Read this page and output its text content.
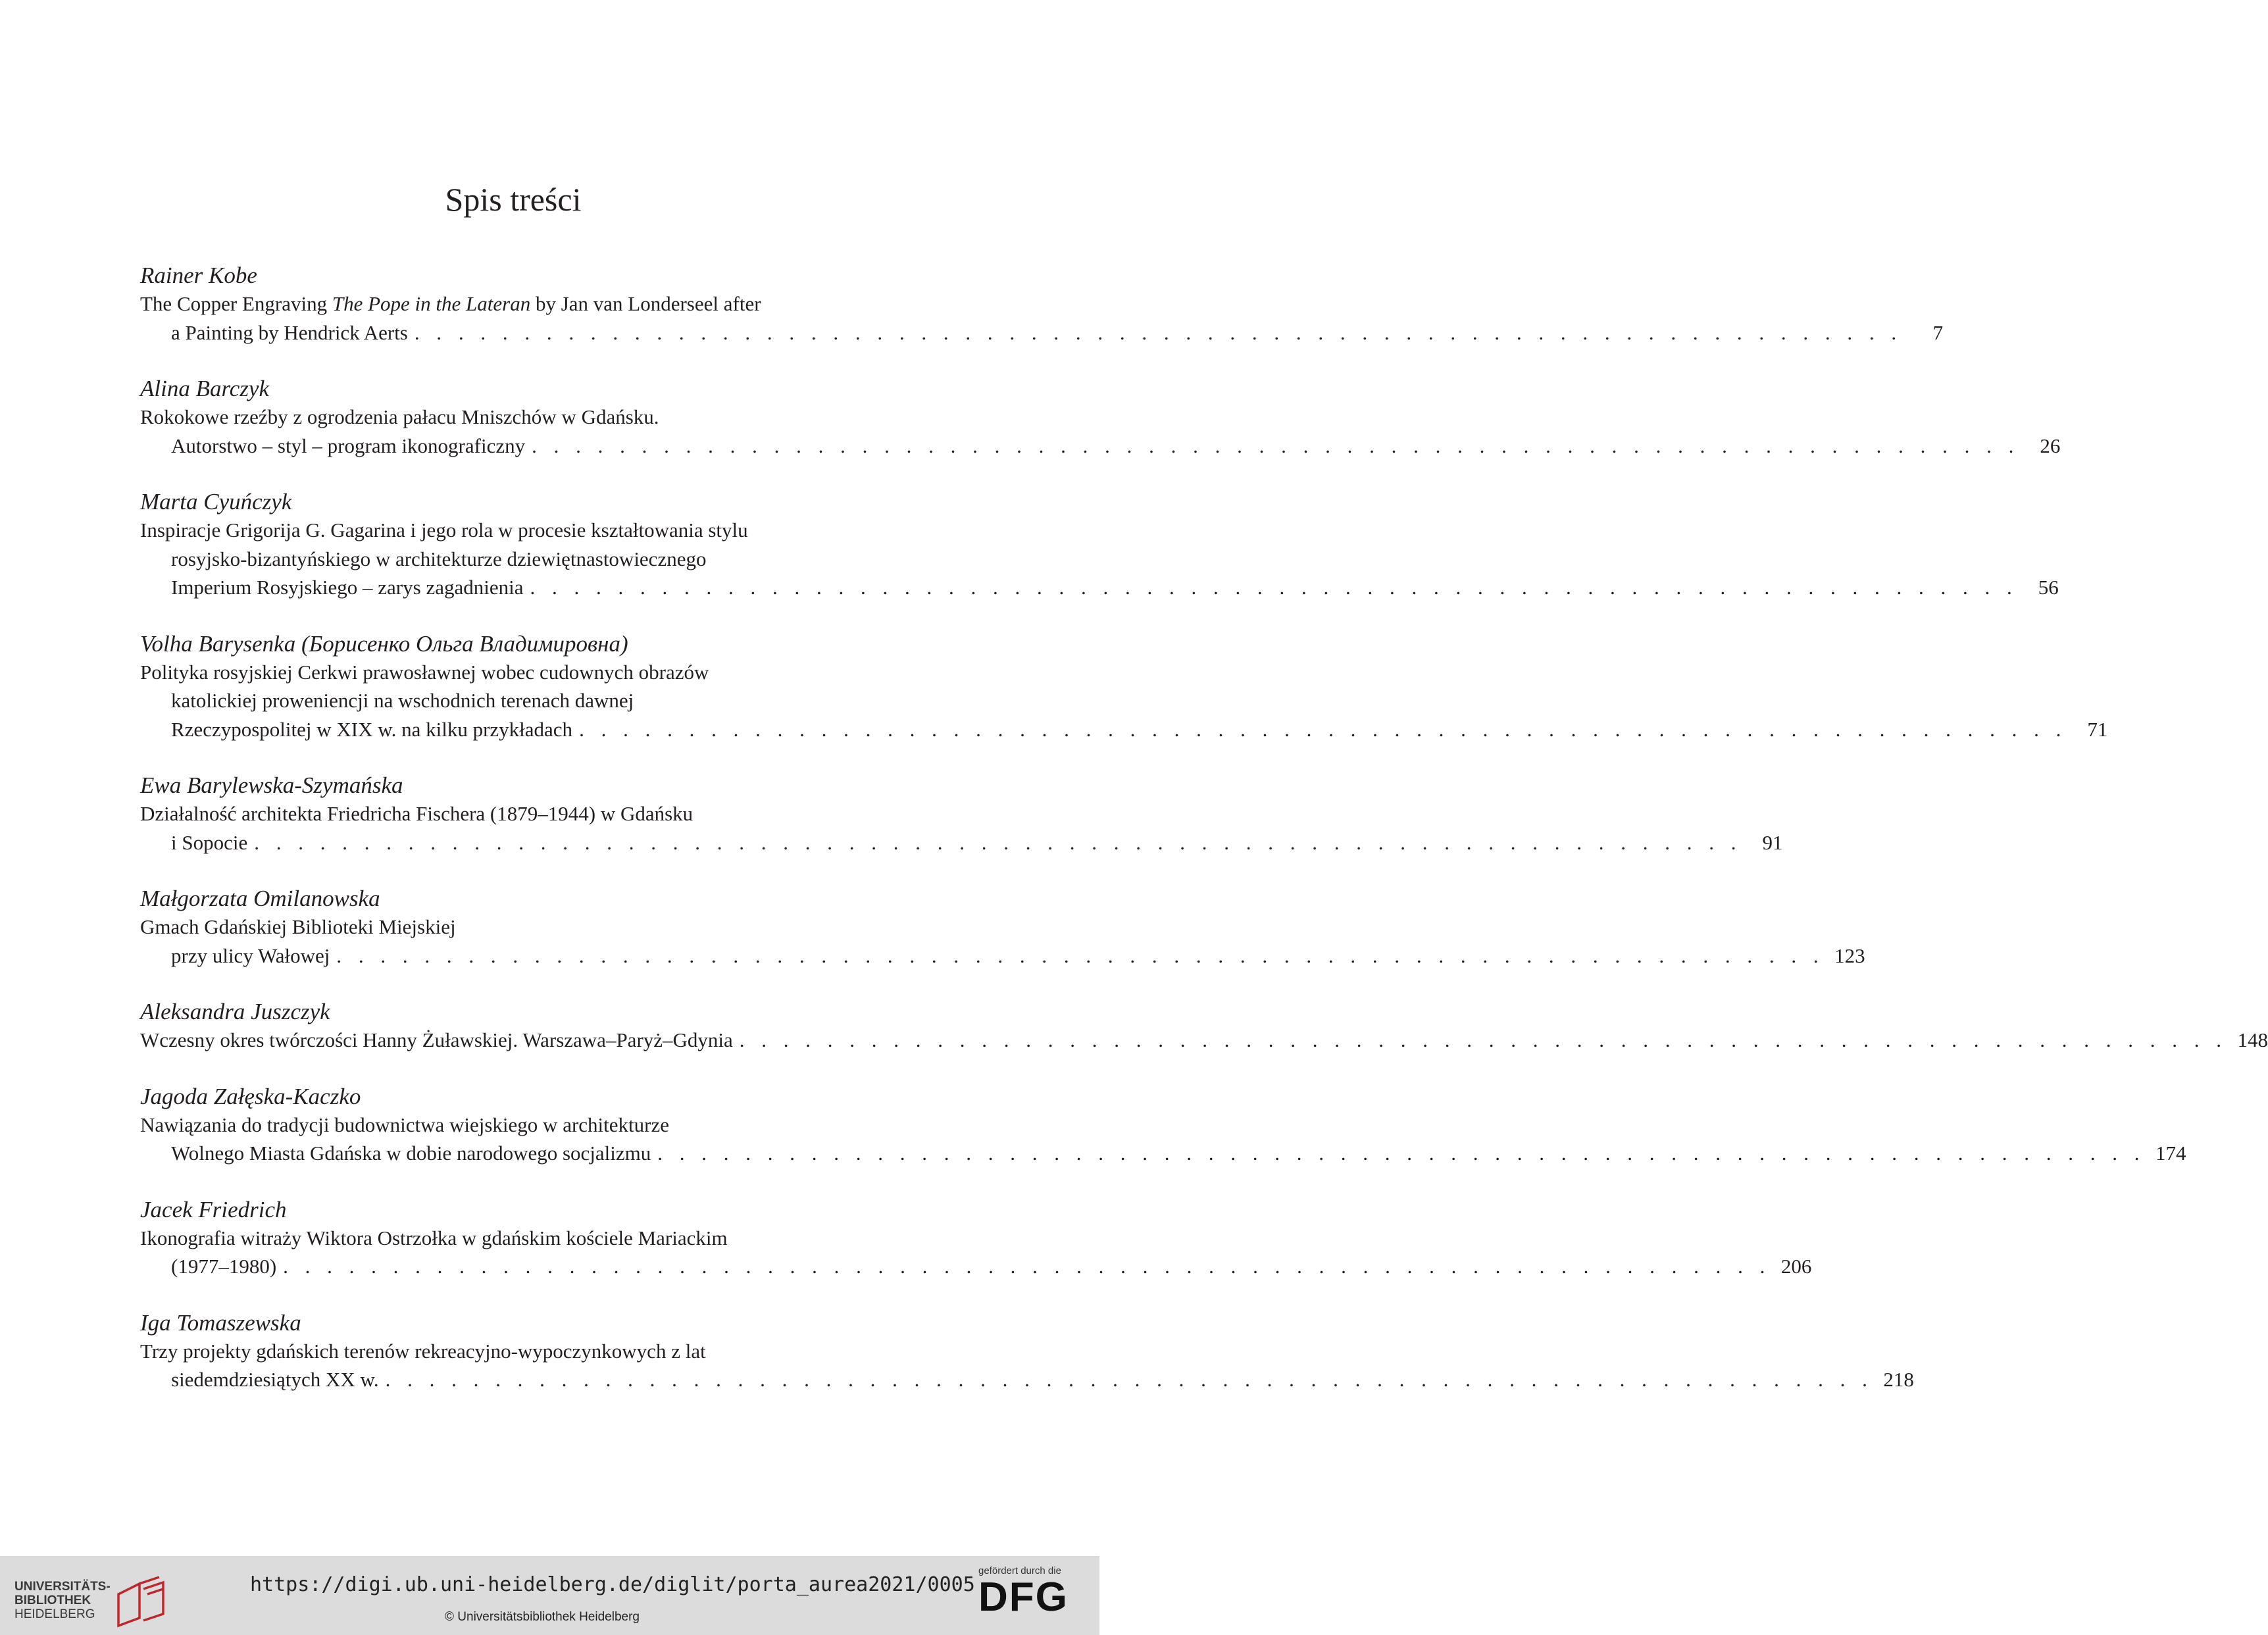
Spis treści
Rainer Kobe
The Copper Engraving The Pope in the Lateran by Jan van Londerseel after
a Painting by Hendrick Aerts . . . . . . . . . . . . . . . . . . . . . . . . . . . . . . . . . . . . . . . . . . . . . . . . . . . . . . . . . . . . . . . . . . . .	7
Alina Barczyk
Rokokowe rzeźby z ogrodzenia pałacu Mniszchów w Gdańsku.
Autorstwo – styl – program ikonograficzny . . . . . . . . . . . . . . . . . . . . . . . . . . . . . . . . . . . . . . . . . . . . . . . . . . . . . . . . . . . . . . . . . . . .	26
Marta Cyuńczyk
Inspiracje Grigorija G. Gagarina i jego rola w procesie kształtowania stylu
rosyjsko-bizantyńskiego w architekturze dziewiętnastowiecznego
Imperium Rosyjskiego – zarys zagadnienia . . . . . . . . . . . . . . . . . . . . . . . . . . . . . . . . . . . . . . . . . . . . . . . . . . . . . . . . . . . . . . . . . . . .	56
Volha Barysenka (Борисенко Ольга Владимировна)
Polityka rosyjskiej Cerkwi prawosławnej wobec cudownych obrazów
katolickiej proweniencji na wschodnich terenach dawnej
Rzeczypospolitej w XIX w. na kilku przykładach . . . . . . . . . . . . . . . . . . . . . . . . . . . . . . . . . . . . . . . . . . . . . . . . . . . . . . . . . . . . . . . . . . . .	71
Ewa Barylewska-Szymańska
Działalność architekta Friedricha Fischera (1879–1944) w Gdańsku
i Sopocie . . . . . . . . . . . . . . . . . . . . . . . . . . . . . . . . . . . . . . . . . . . . . . . . . . . . . . . . . . . . . . . . . . . .	91
Małgorzata Omilanowska
Gmach Gdańskiej Biblioteki Miejskiej
przy ulicy Wałowej . . . . . . . . . . . . . . . . . . . . . . . . . . . . . . . . . . . . . . . . . . . . . . . . . . . . . . . . . . . . . . . . . . . . 123
Aleksandra Juszczyk
Wczesny okres twórczości Hanny Żuławskiej. Warszawa–Paryż–Gdynia . . . . . . . . . . . . . . . . . . . . . . . . . . . . . . . . . . . . . . . . . . . . . . . . . . . . . . . . . . . . . . . . . . . . 148
Jagoda Załęska-Kaczko
Nawiązania do tradycji budownictwa wiejskiego w architekturze
Wolnego Miasta Gdańska w dobie narodowego socjalizmu . . . . . . . . . . . . . . . . . . . . . . . . . . . . . . . . . . . . . . . . . . . . . . . . . . . . . . . . . . . . . . . . . . . . 174
Jacek Friedrich
Ikonografia witraży Wiktora Ostrzołka w gdańskim kościele Mariackim
(1977–1980) . . . . . . . . . . . . . . . . . . . . . . . . . . . . . . . . . . . . . . . . . . . . . . . . . . . . . . . . . . . . . . . . . . . . 206
Iga Tomaszewska
Trzy projekty gdańskich terenów rekreacyjno-wypoczynkowych z lat
siedemdziesiątych XX w. . . . . . . . . . . . . . . . . . . . . . . . . . . . . . . . . . . . . . . . . . . . . . . . . . . . . . . . . . . . . . . . . . . . . 218
UNIVERSITÄTS-
BIBLIOTHEK
HEIDELBERG
https://digi.ub.uni-heidelberg.de/diglit/porta_aurea2021/0005
© Universitätsbibliothek Heidelberg
gefördert durch die
DFG
